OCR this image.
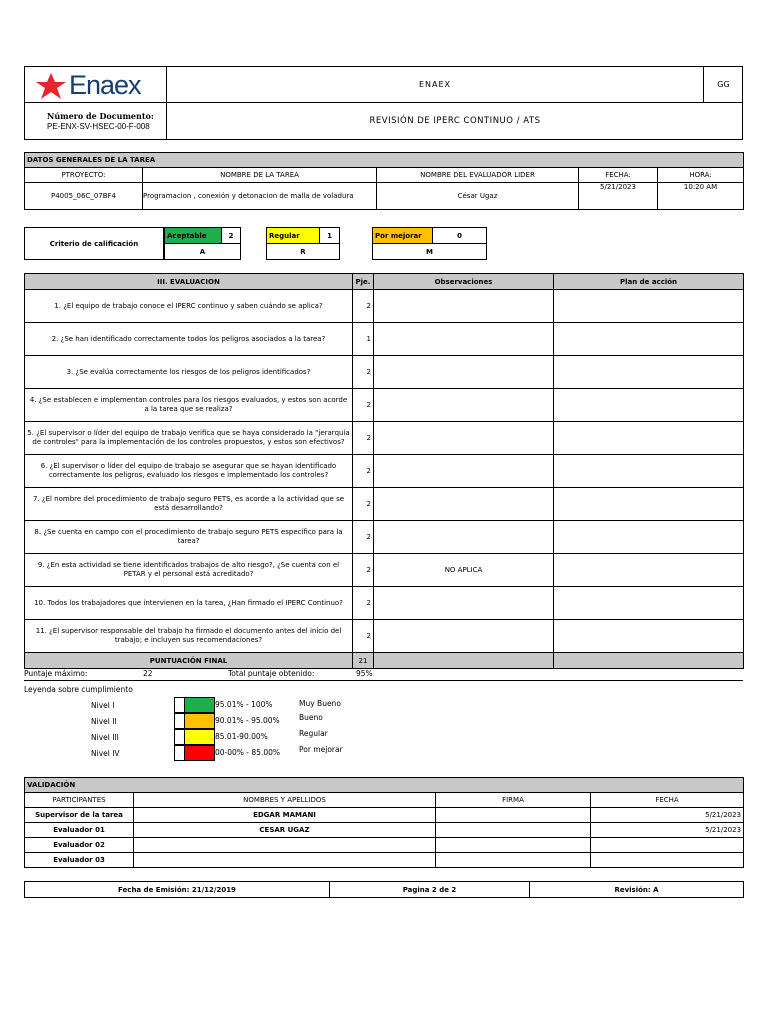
Enaex
Número de Documento:
PE-ENX-SV-HSEC-00-F-008
ENAEX	GG
REVISIÓN DE IPERC CONTINUO / ATS
DATOS GENERALES DE LA TAREA				
PTROYECTO:	NOMBRE DE LA TAREA	NOMBRE DEL EVALUADOR LIDER	FECHA:	HORA:
P4005_06C_07BF4	Programacion , conexión y detonacion de malla de voladura	César Ugaz	5/21/2023	10:20 AM
Criterio de calificación
Aceptable	2
A
Regular	1
R
Por mejorar	0
M
III. EVALUACION	Pje.	Observaciones	Plan de acción
1. ¿El equipo de trabajo conoce el IPERC continuo y saben cuándo se aplica?	2		
2. ¿Se han identificado correctamente todos los peligros asociados a la tarea?	1		
3. ¿Se evalúa correctamente los riesgos de los peligros identificados?	2		
4. ¿Se establecen e implementan controles para los riesgos evaluados, y estos son acorde a la tarea que se realiza?	2		
5. ¿El supervisor o líder del equipo de trabajo verifica que se haya considerado la "jerarquía de controles" para la implementación de los controles propuestos, y estos son efectivos?	2		
6. ¿El supervisor o líder del equipo de trabajo se asegurar que se hayan identificado correctamente los peligros, evaluado los riesgos e implementado los controles?	2		
7. ¿El nombre del procedimiento de trabajo seguro PETS, es acorde a la actividad que se está desarrollando?	2		
8. ¿Se cuenta en campo con el procedimiento de trabajo seguro PETS específico para la tarea?	2		
9. ¿En esta actividad se tiene identificados trabajos de alto riesgo?, ¿Se cuenta con el PETAR y el personal está acreditado?	2	NO APLICA	
10. Todos los trabajadores que intervienen en la tarea, ¿Han firmado el IPERC Continuo?	2		
11. ¿El supervisor responsable del trabajo ha firmado el documento antes del inicio del trabajo; e incluyen sus recomendaciones?	2		
PUNTUACIÓN FINAL	21		
Puntaje máximo:	22	Total puntaje obtenido:	95%
Leyenda sobre cumplimiento
Nivel I	95.01% - 100%	Muy Bueno
Nivel II	90.01% - 95.00%	Bueno
Nivel III	85.01-90.00%	Regular
Nivel IV	00-00% - 85.00%	Por mejorar
VALIDACIÓN			
PARTICIPANTES	NOMBRES Y APELLIDOS	FIRMA	FECHA
Supervisor de la tarea	EDGAR MAMANI		5/21/2023
Evaluador 01	CESAR UGAZ		5/21/2023
Evaluador 02			
Evaluador 03			
Fecha de Emisión: 21/12/2019	Pagina 2 de 2	Revisión: A
